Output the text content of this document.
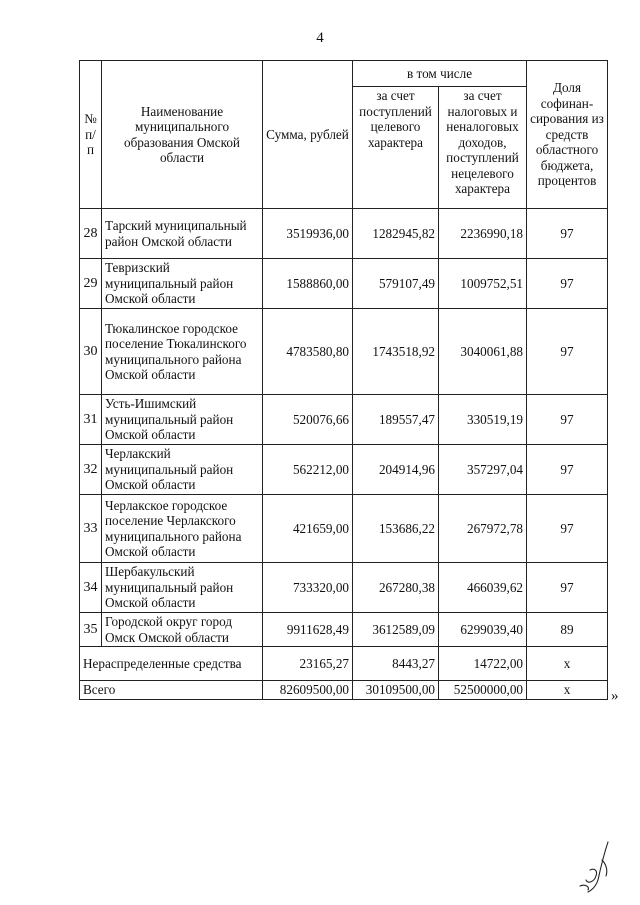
4
№ п/п	Наименование муниципального образования Омской области	Сумма, рублей	в том числе		Доля софинан-сирования из средств областного бюджета, процентов
			за счет поступлений целевого характера	за счет налоговых и неналоговых доходов, поступлений нецелевого характера	
28	Тарский муниципальный район Омской области	3519936,00	1282945,82	2236990,18	97
29	Тевризский муниципальный район Омской области	1588860,00	579107,49	1009752,51	97
30	Тюкалинское городское поселение Тюкалинского муниципального района Омской области	4783580,80	1743518,92	3040061,88	97
31	Усть-Ишимский муниципальный район Омской области	520076,66	189557,47	330519,19	97
32	Черлакский муниципальный район Омской области	562212,00	204914,96	357297,04	97
33	Черлакское городское поселение Черлакского муниципального района Омской области	421659,00	153686,22	267972,78	97
34	Шербакульский муниципальный район Омской области	733320,00	267280,38	466039,62	97
35	Городской округ город Омск Омской области	9911628,49	3612589,09	6299039,40	89
Нераспределенные средства		23165,27	8443,27	14722,00	x
Всего		82609500,00	30109500,00	52500000,00	x	»
